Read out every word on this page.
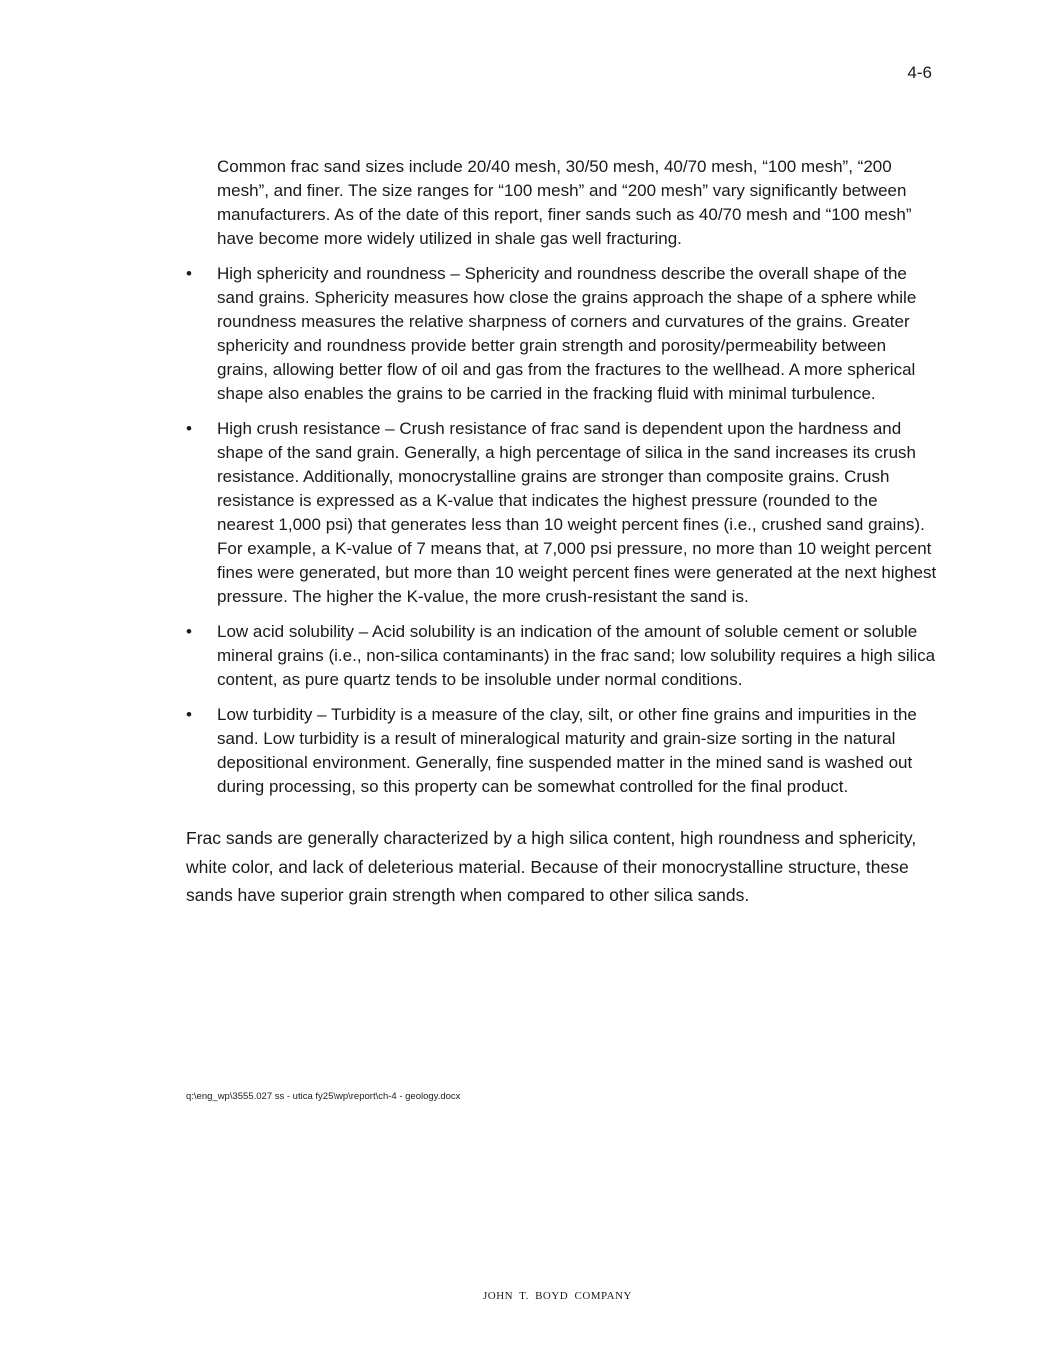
4-6

Common frac sand sizes include 20/40 mesh, 30/50 mesh, 40/70 mesh, “100 mesh”, “200 mesh”, and finer. The size ranges for “100 mesh” and “200 mesh” vary significantly between manufacturers. As of the date of this report, finer sands such as 40/70 mesh and “100 mesh” have become more widely utilized in shale gas well fracturing.

•	High sphericity and roundness – Sphericity and roundness describe the overall shape of the sand grains. Sphericity measures how close the grains approach the shape of a sphere while roundness measures the relative sharpness of corners and curvatures of the grains. Greater sphericity and roundness provide better grain strength and porosity/permeability between grains, allowing better flow of oil and gas from the fractures to the wellhead. A more spherical shape also enables the grains to be carried in the fracking fluid with minimal turbulence.
•	High crush resistance – Crush resistance of frac sand is dependent upon the hardness and shape of the sand grain. Generally, a high percentage of silica in the sand increases its crush resistance. Additionally, monocrystalline grains are stronger than composite grains. Crush resistance is expressed as a K-value that indicates the highest pressure (rounded to the nearest 1,000 psi) that generates less than 10 weight percent fines (i.e., crushed sand grains). For example, a K-value of 7 means that, at 7,000 psi pressure, no more than 10 weight percent fines were generated, but more than 10 weight percent fines were generated at the next highest pressure. The higher the K-value, the more crush-resistant the sand is.
•	Low acid solubility – Acid solubility is an indication of the amount of soluble cement or soluble mineral grains (i.e., non-silica contaminants) in the frac sand; low solubility requires a high silica content, as pure quartz tends to be insoluble under normal conditions.
•	Low turbidity – Turbidity is a measure of the clay, silt, or other fine grains and impurities in the sand. Low turbidity is a result of mineralogical maturity and grain-size sorting in the natural depositional environment. Generally, fine suspended matter in the mined sand is washed out during processing, so this property can be somewhat controlled for the final product.

Frac sands are generally characterized by a high silica content, high roundness and sphericity, white color, and lack of deleterious material. Because of their monocrystalline structure, these sands have superior grain strength when compared to other silica sands.

q:\eng_wp\3555.027 ss - utica fy25\wp\report\ch-4 - geology.docx
JOHN T. BOYD COMPANY
